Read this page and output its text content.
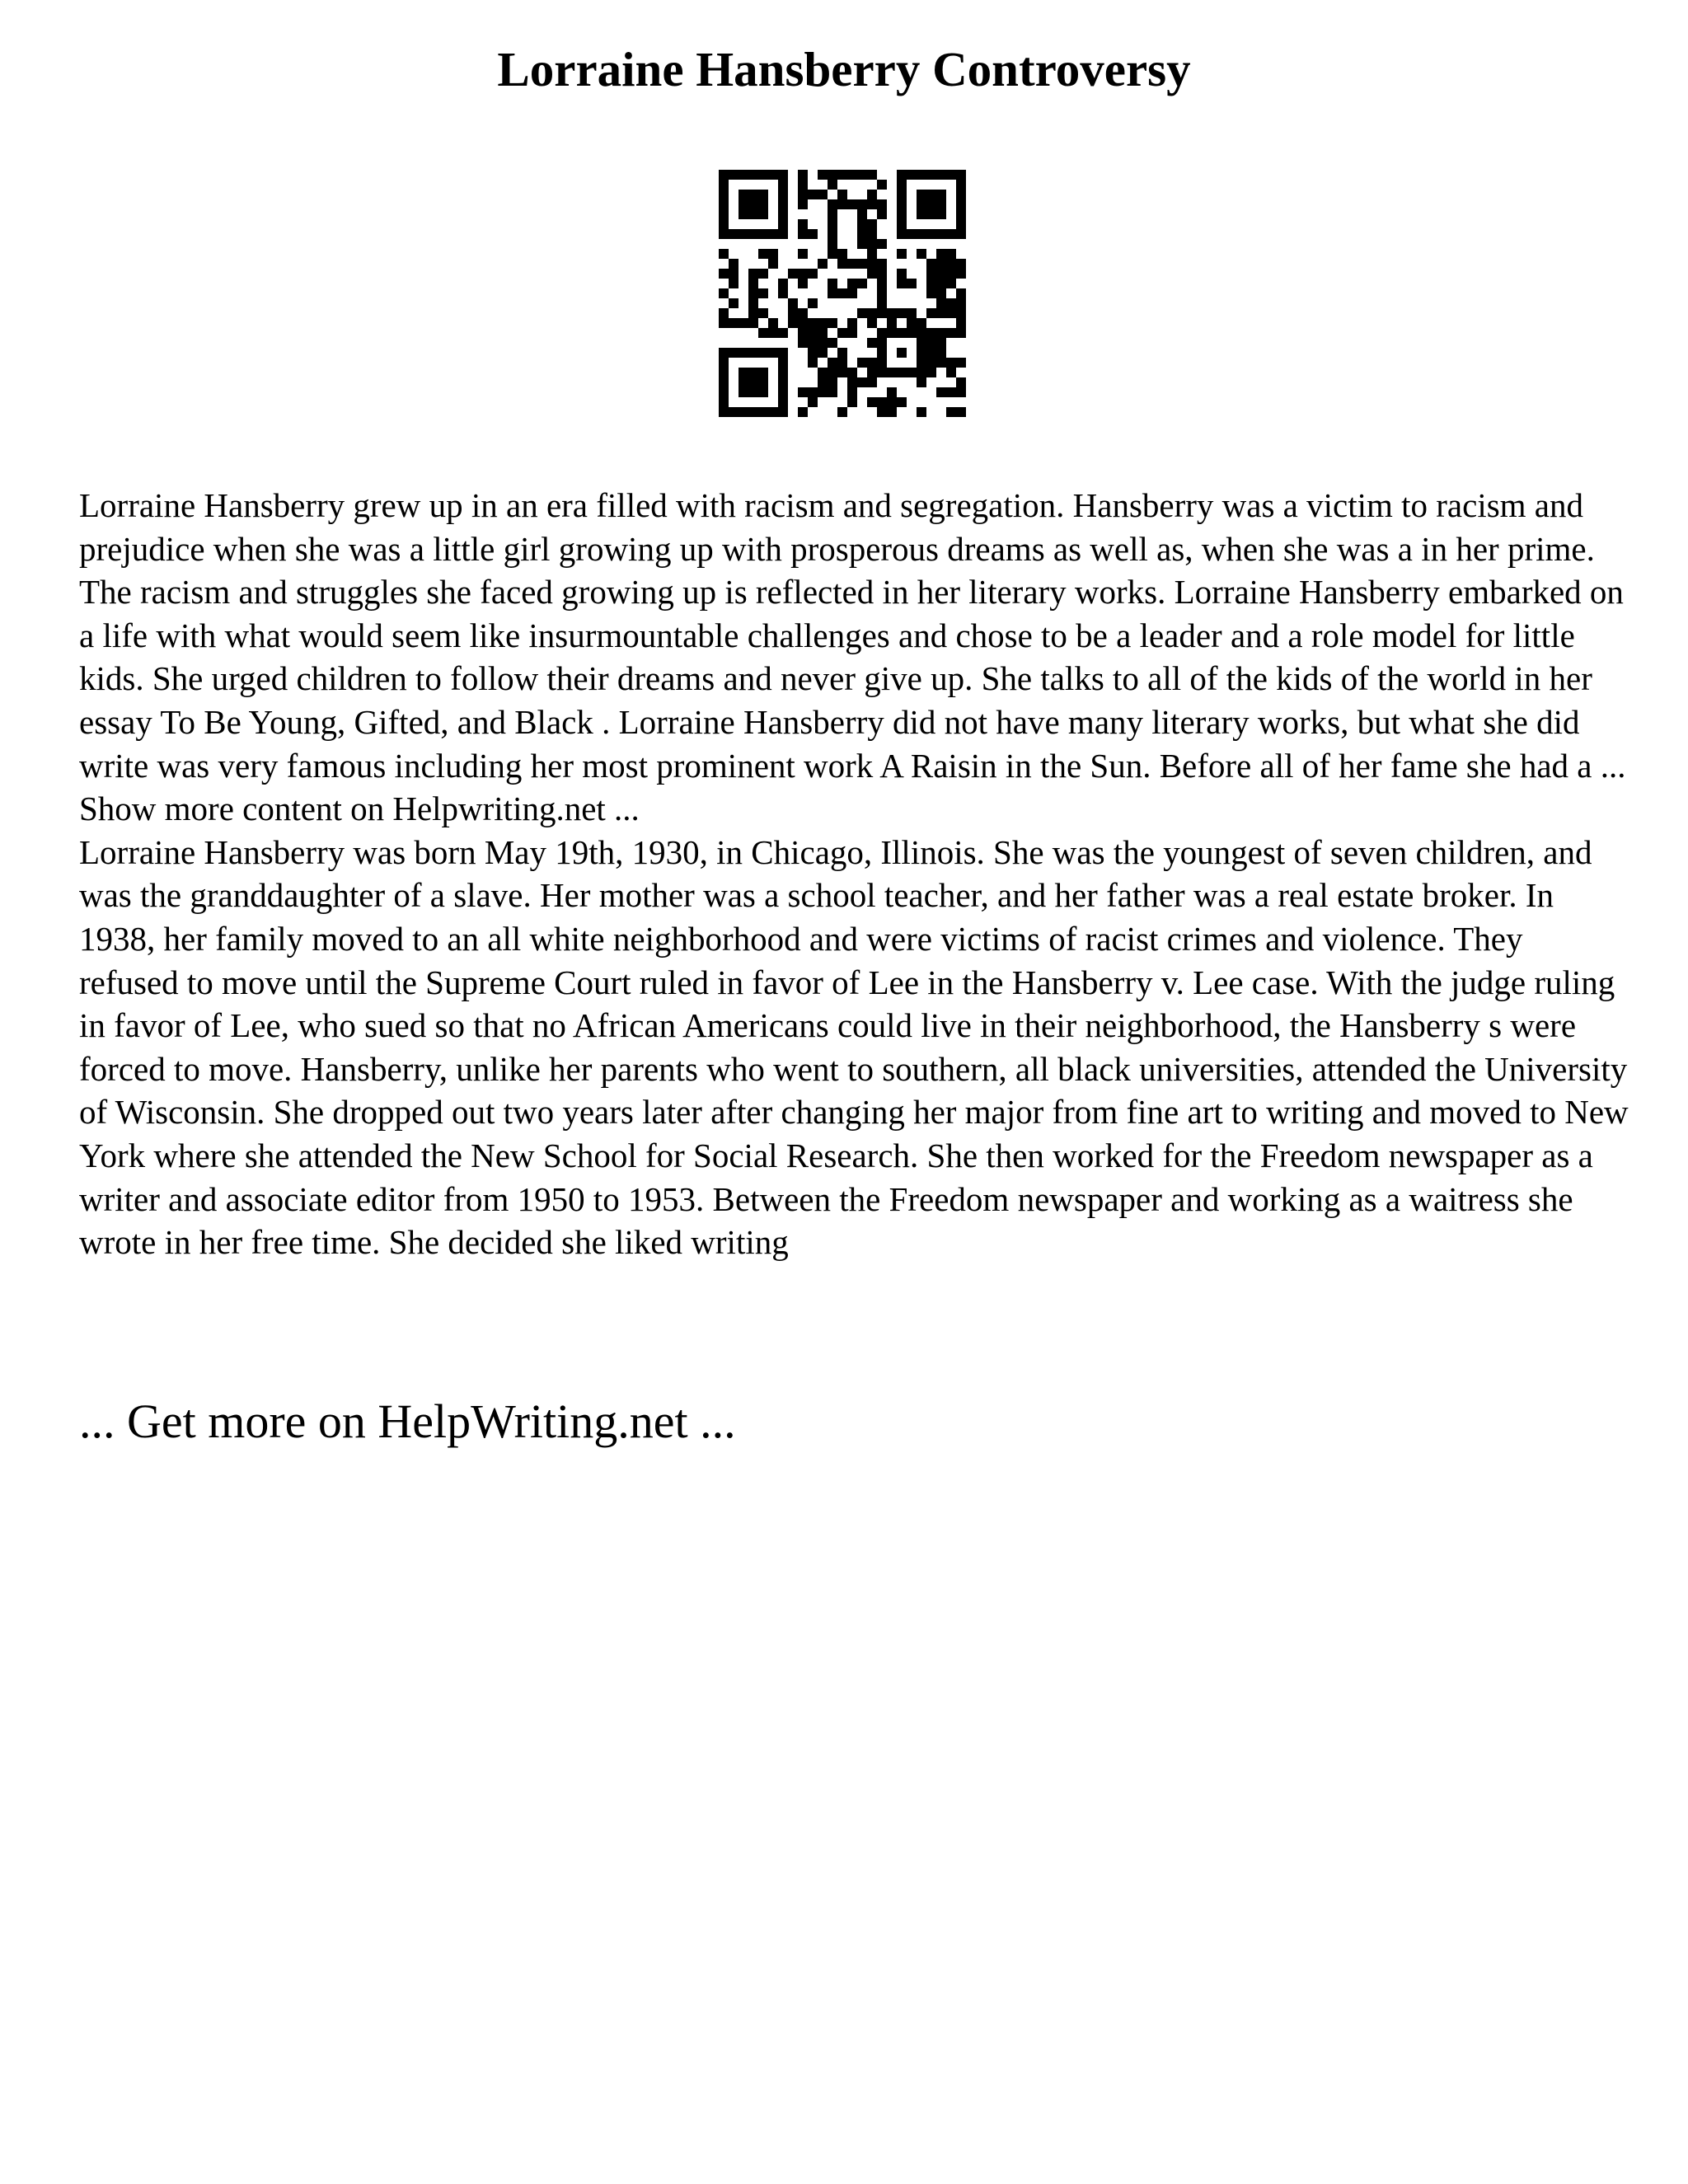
Lorraine Hansberry Controversy

Lorraine Hansberry grew up in an era filled with racism and segregation. Hansberry was a victim to racism and prejudice when she was a little girl growing up with prosperous dreams as well as, when she was a in her prime. The racism and struggles she faced growing up is reflected in her literary works. Lorraine Hansberry embarked on a life with what would seem like insurmountable challenges and chose to be a leader and a role model for little kids. She urged children to follow their dreams and never give up. She talks to all of the kids of the world in her essay To Be Young, Gifted, and Black . Lorraine Hansberry did not have many literary works, but what she did write was very famous including her most prominent work A Raisin in the Sun. Before all of her fame she had a ... Show more content on Helpwriting.net ...

Lorraine Hansberry was born May 19th, 1930, in Chicago, Illinois. She was the youngest of seven children, and was the granddaughter of a slave. Her mother was a school teacher, and her father was a real estate broker. In 1938, her family moved to an all white neighborhood and were victims of racist crimes and violence. They refused to move until the Supreme Court ruled in favor of Lee in the Hansberry v. Lee case. With the judge ruling in favor of Lee, who sued so that no African Americans could live in their neighborhood, the Hansberry s were forced to move. Hansberry, unlike her parents who went to southern, all black universities, attended the University of Wisconsin. She dropped out two years later after changing her major from fine art to writing and moved to New York where she attended the New School for Social Research. She then worked for the Freedom newspaper as a writer and associate editor from 1950 to 1953. Between the Freedom newspaper and working as a waitress she wrote in her free time. She decided she liked writing

... Get more on HelpWriting.net ...
